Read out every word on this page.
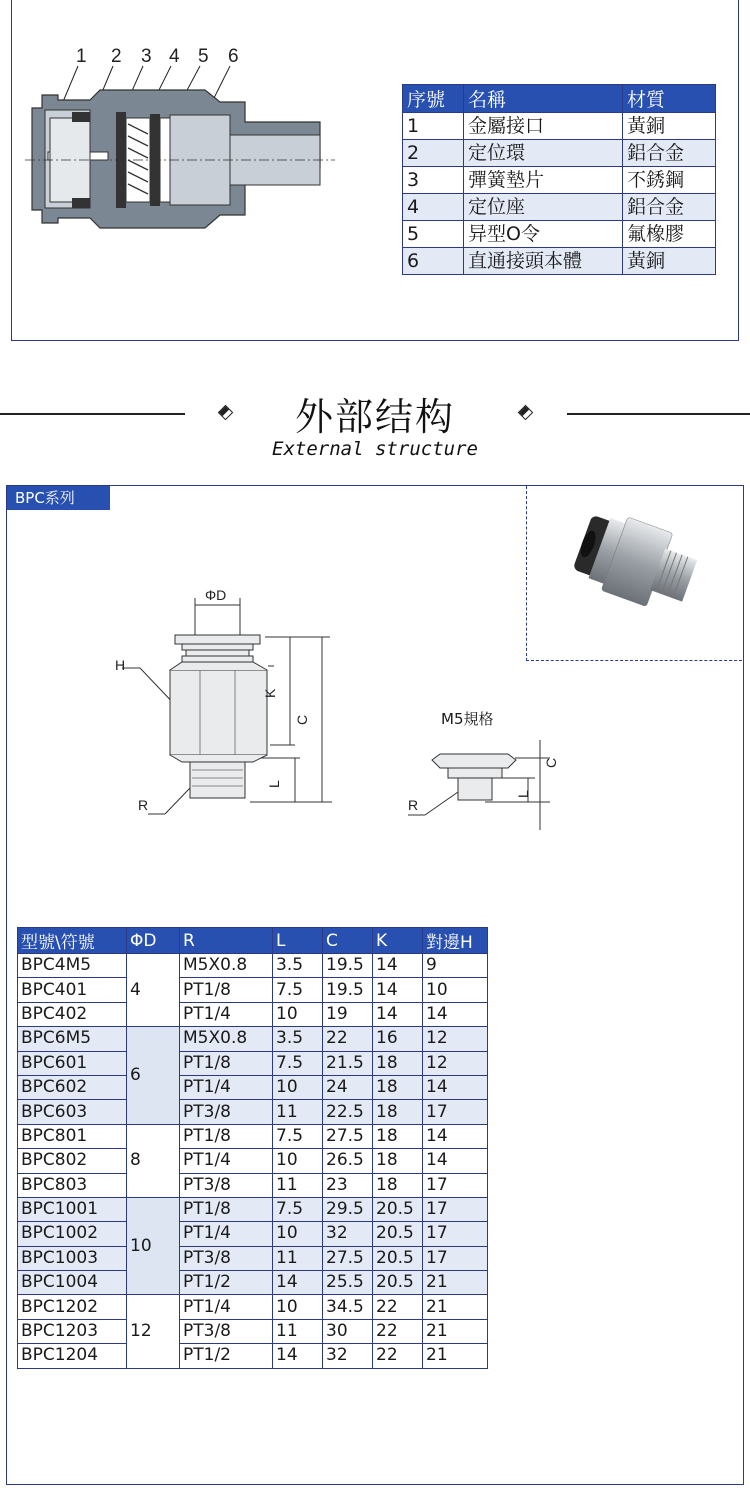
1 2 3 4 5 6
序號	名稱	材質
1	金屬接口	黃銅
2	定位環	鋁合金
3	彈簧墊片	不銹鋼
4	定位座	鋁合金
5	异型O令	氟橡膠
6	直通接頭本體	黃銅
外部结构
External structure
BPC系列
ΦD
H
K
C
L
R
M5規格
C
L
R
型號\符號	ΦD	R	L	C	K	對邊H
BPC4M5	4	M5X0.8	3.5	19.5	14	9
BPC401		PT1/8	7.5	19.5	14	10
BPC402		PT1/4	10	19	14	14
BPC6M5	6	M5X0.8	3.5	22	16	12
BPC601		PT1/8	7.5	21.5	18	12
BPC602		PT1/4	10	24	18	14
BPC603		PT3/8	11	22.5	18	17
BPC801	8	PT1/8	7.5	27.5	18	14
BPC802		PT1/4	10	26.5	18	14
BPC803		PT3/8	11	23	18	17
BPC1001	10	PT1/8	7.5	29.5	20.5	17
BPC1002		PT1/4	10	32	20.5	17
BPC1003		PT3/8	11	27.5	20.5	17
BPC1004		PT1/2	14	25.5	20.5	21
BPC1202	12	PT1/4	10	34.5	22	21
BPC1203		PT3/8	11	30	22	21
BPC1204		PT1/2	14	32	22	21
